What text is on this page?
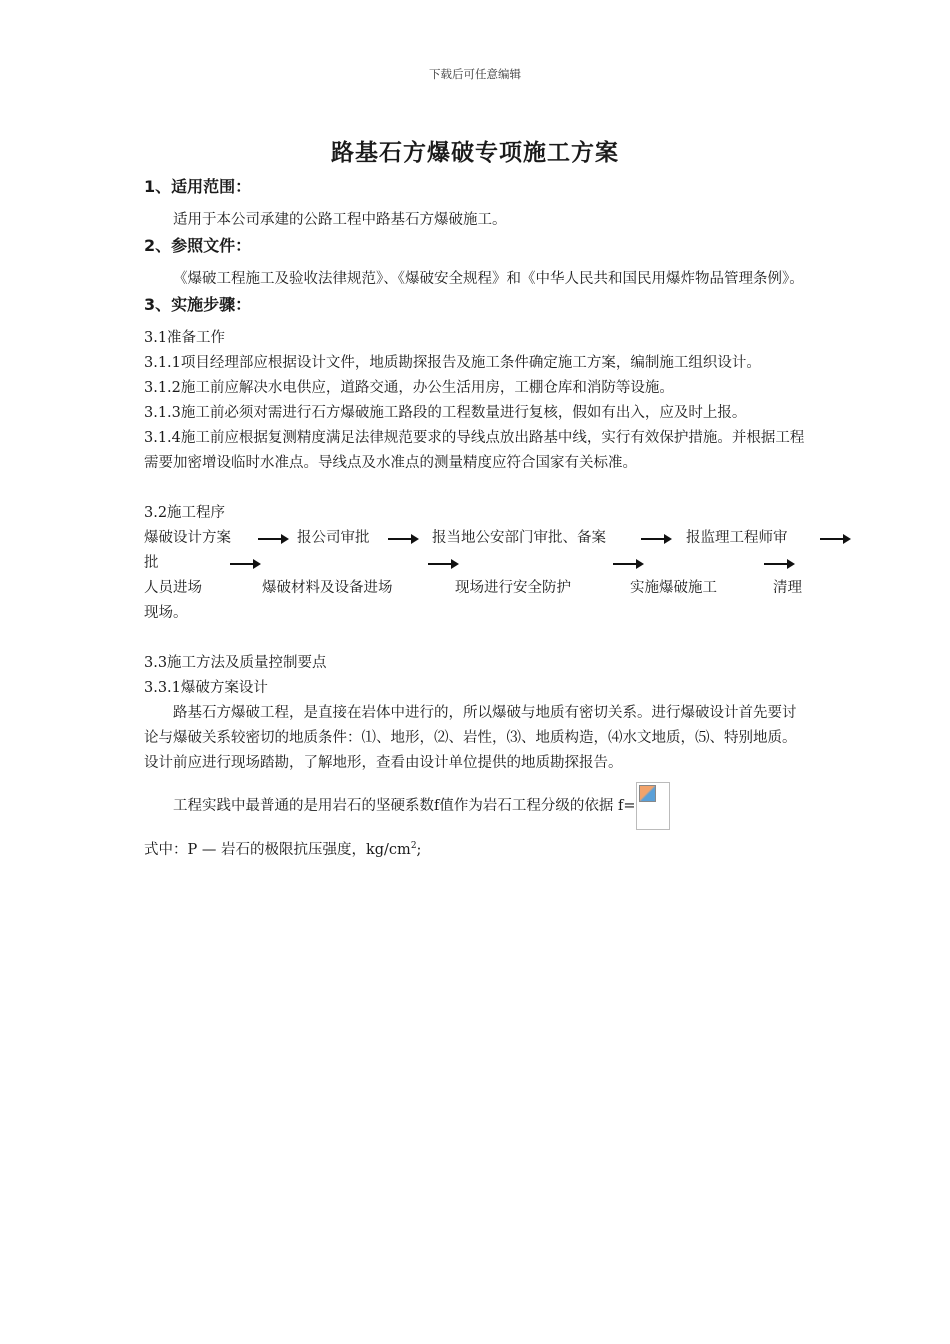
下载后可任意编辑
路基石方爆破专项施工方案

1、适用范围：

适用于本公司承建的公路工程中路基石方爆破施工。

2、参照文件：

《爆破工程施工及验收法律规范》、《爆破安全规程》和《中华人民共和国民用爆炸物品管理条例》。

3、实施步骤：

3.1准备工作

3.1.1项目经理部应根据设计文件，地质勘探报告及施工条件确定施工方案，编制施工组织设计。

3.1.2施工前应解决水电供应，道路交通，办公生活用房，工棚仓库和消防等设施。

3.1.3施工前必须对需进行石方爆破施工路段的工程数量进行复核，假如有出入，应及时上报。

3.1.4施工前应根据复测精度满足法律规范要求的导线点放出路基中线，实行有效保护措施。并根据工程需要加密增设临时水准点。导线点及水准点的测量精度应符合国家有关标准。

3.2施工程序

爆破设计方案	报公司审批	报当地公安部门审批、备案	报监理工程师审
批
人员进场	爆破材料及设备进场	现场进行安全防护	实施爆破施工	清理

现场。

3.3施工方法及质量控制要点

3.3.1爆破方案设计

路基石方爆破工程，是直接在岩体中进行的，所以爆破与地质有密切关系。进行爆破设计首先要讨论与爆破关系较密切的地质条件：⑴、地形，⑵、岩性，⑶、地质构造，⑷水文地质，⑸、特别地质。设计前应进行现场踏勘，了解地形，查看由设计单位提供的地质勘探报告。

工程实践中最普通的是用岩石的坚硬系数f值作为岩石工程分级的依据 f=

式中：P — 岩石的极限抗压强度，$kg/cm^2$;
